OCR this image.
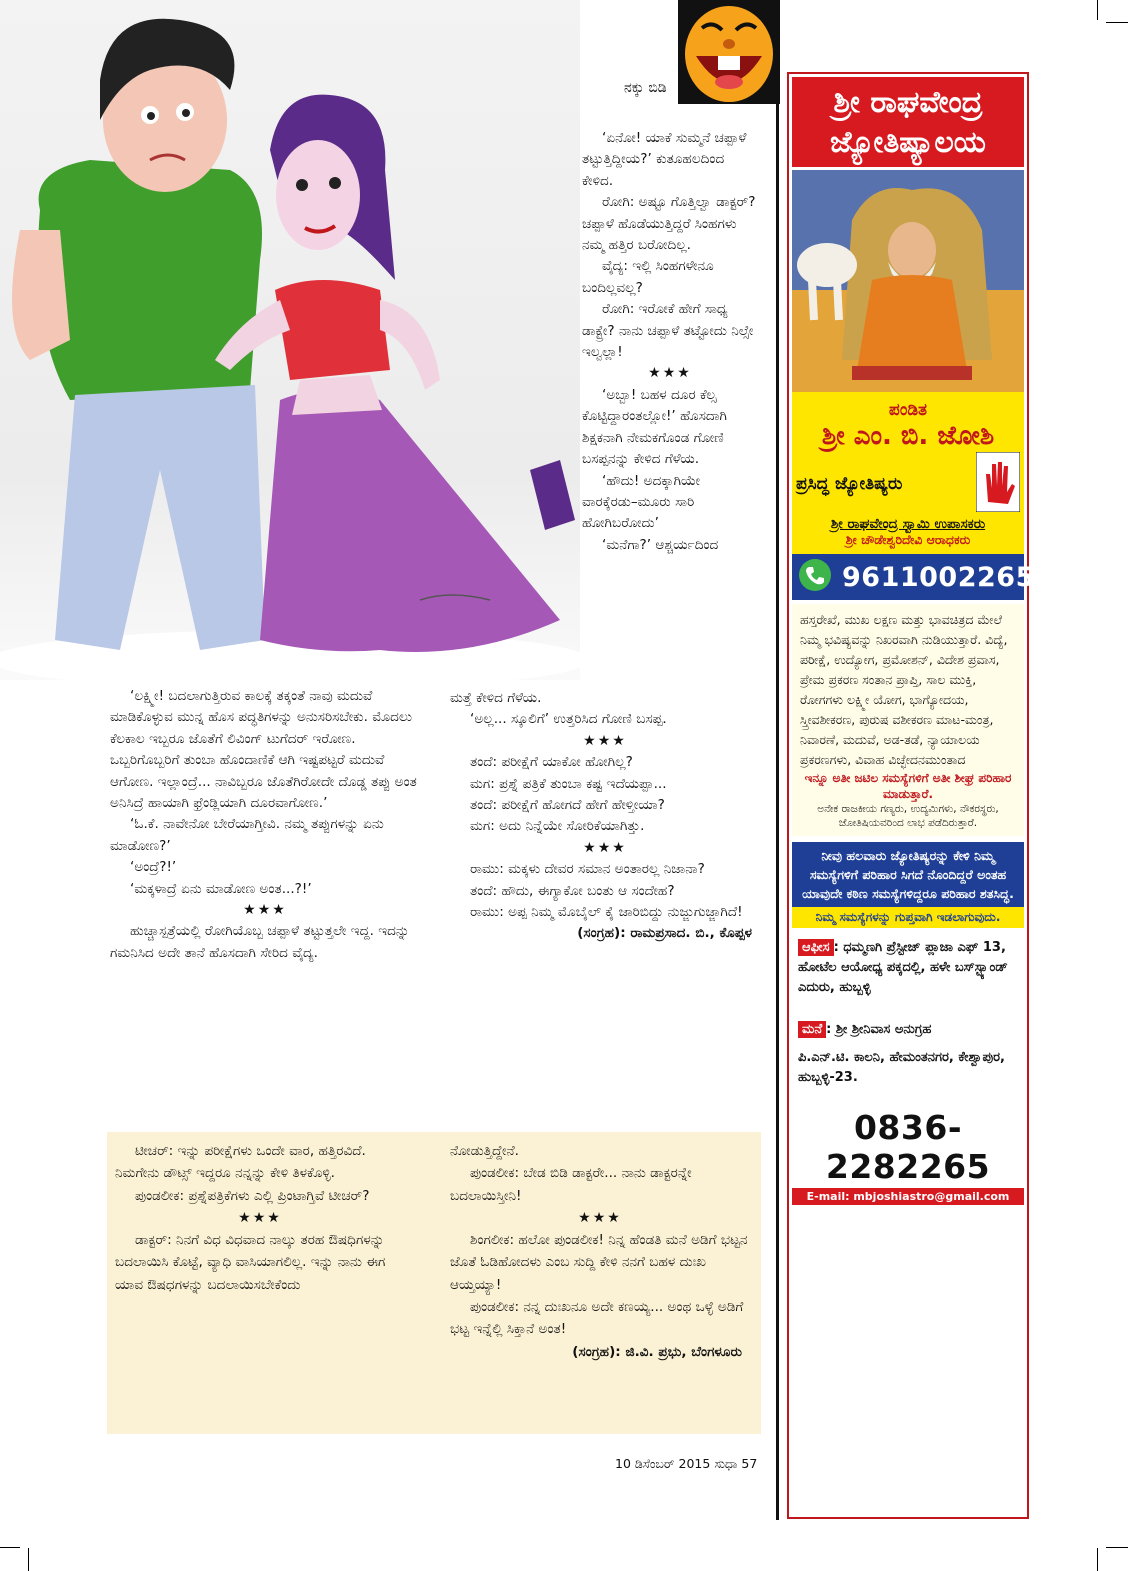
ನಕ್ಕು ಬಿಡಿ

‘ಏನೋ! ಯಾಕೆ ಸುಮ್ಮನೆ ಚಪ್ಪಾಳೆ ತಟ್ಟುತ್ತಿದ್ದೀಯ?’ ಕುತೂಹಲದಿಂದ ಕೇಳಿದ.

ರೋಗಿ: ಅಷ್ಟೂ ಗೊತ್ತಿಲ್ವಾ ಡಾಕ್ಟರ್? ಚಪ್ಪಾಳೆ ಹೊಡೆಯುತ್ತಿದ್ದರೆ ಸಿಂಹಗಳು ನಮ್ಮ ಹತ್ತಿರ ಬರೋದಿಲ್ಲ.

ವೈದ್ಯ: ಇಲ್ಲಿ ಸಿಂಹಗಳೇನೂ ಬಂದಿಲ್ಲವಲ್ಲ?

ರೋಗಿ: ಇರೋಕೆ ಹೇಗೆ ಸಾಧ್ಯ ಡಾಕ್ಟ್ರೇ? ನಾನು ಚಪ್ಪಾಳೆ ತಟ್ಟೋದು ನಿಲ್ಸೇ ಇಲ್ವಲ್ಲಾ!

★★★

‘ಅಬ್ಬಾ! ಬಹಳ ದೂರ ಕೆಲ್ಸ ಕೊಟ್ಟಿದ್ದಾರಂತಲ್ಲೋ!’ ಹೊಸದಾಗಿ ಶಿಕ್ಷಕನಾಗಿ ನೇಮಕಗೊಂಡ ಗೋಣಿ ಬಸಪ್ಪನನ್ನು ಕೇಳಿದ ಗೆಳೆಯ.

‘ಹೌದು! ಅದಕ್ಕಾಗಿಯೇ ವಾರಕ್ಕೆರಡು–ಮೂರು ಸಾರಿ ಹೋಗಿಬರೋದು’

‘ಮನೆಗಾ?’ ಆಶ್ಚರ್ಯದಿಂದ

ಮತ್ತೆ ಕೇಳಿದ ಗೆಳೆಯ.

‘ಅಲ್ಲ... ಸ್ಕೂಲಿಗೆ’ ಉತ್ತರಿಸಿದ ಗೋಣಿ ಬಸಪ್ಪ.

★★★

ತಂದೆ: ಪರೀಕ್ಷೆಗೆ ಯಾಕೋ ಹೋಗಿಲ್ಲ?

ಮಗ: ಪ್ರಶ್ನೆ ಪತ್ರಿಕೆ ತುಂಬಾ ಕಷ್ಟ ಇದೆಯಪ್ಪಾ...

ತಂದೆ: ಪರೀಕ್ಷೆಗೆ ಹೋಗದೆ ಹೇಗೆ ಹೇಳ್ತೀಯಾ?

ಮಗ: ಅದು ನಿನ್ನೆಯೇ ಸೋರಿಕೆಯಾಗಿತ್ತು.

★★★

ರಾಮು: ಮಕ್ಕಳು ದೇವರ ಸಮಾನ ಅಂತಾರಲ್ಲ ನಿಜಾನಾ?

ತಂದೆ: ಹೌದು, ಈಗ್ಯಾಕೋ ಬಂತು ಆ ಸಂದೇಹ?

ರಾಮು: ಅಪ್ಪ ನಿಮ್ಮ ಮೊಬೈಲ್ ಕೈ ಜಾರಿಬಿದ್ದು ನುಜ್ಜುಗುಜ್ಜಾಗಿದೆ!

(ಸಂಗ್ರಹ): ರಾಮಪ್ರಸಾದ. ಬಿ., ಕೊಪ್ಪಳ

‘ಲಕ್ಷ್ಮೀ! ಬದಲಾಗುತ್ತಿರುವ ಕಾಲಕ್ಕೆ ತಕ್ಕಂತೆ ನಾವು ಮದುವೆ ಮಾಡಿಕೊಳ್ಳುವ ಮುನ್ನ ಹೊಸ ಪದ್ಧತಿಗಳನ್ನು ಅನುಸರಿಸಬೇಕು. ಮೊದಲು ಕೆಲಕಾಲ ಇಬ್ಬರೂ ಜೊತೆಗೆ ಲಿವಿಂಗ್ ಟುಗೆದರ್ ಇರೋಣ. ಒಬ್ಬರಿಗೊಬ್ಬರಿಗೆ ತುಂಬಾ ಹೊಂದಾಣಿಕೆ ಆಗಿ ಇಷ್ಟಪಟ್ಟರೆ ಮದುವೆ ಆಗೋಣ. ಇಲ್ಲಾಂದ್ರೆ... ನಾವಿಬ್ಬರೂ ಜೊತೆಗಿರೋದೇ ದೊಡ್ಡ ತಪ್ಪು ಅಂತ ಅನಿಸಿದ್ರೆ ಹಾಯಾಗಿ ಫ್ರೆಂಡ್ಲಿಯಾಗಿ ದೂರವಾಗೋಣ.’

‘ಓ.ಕೆ. ನಾವೇನೋ ಬೇರೆಯಾಗ್ತೀವಿ. ನಮ್ಮ ತಪ್ಪುಗಳನ್ನು ಏನು ಮಾಡೋಣ?’

‘ಅಂದ್ರೆ?!’

‘ಮಕ್ಕಳಾದ್ರೆ ಏನು ಮಾಡೋಣ ಅಂತ...?!’

★★★

ಹುಚ್ಚಾಸ್ಪತ್ರೆಯಲ್ಲಿ ರೋಗಿಯೊಬ್ಬ ಚಪ್ಪಾಳೆ ತಟ್ಟುತ್ತಲೇ ಇದ್ದ. ಇದನ್ನು ಗಮನಿಸಿದ ಅದೇ ತಾನೆ ಹೊಸದಾಗಿ ಸೇರಿದ ವೈದ್ಯ.

ಟೀಚರ್: ಇನ್ನು ಪರೀಕ್ಷೆಗಳು ಒಂದೇ ವಾರ, ಹತ್ತಿರವಿದೆ. ನಿಮಗೇನು ಡೌಟ್ಸ್ ಇದ್ದರೂ ನನ್ನನ್ನು ಕೇಳಿ ತಿಳಕೊಳ್ಳಿ.

ಪುಂಡಲೀಕ: ಪ್ರಶ್ನೆಪತ್ರಿಕೆಗಳು ಎಲ್ಲಿ ಪ್ರಿಂಟಾಗ್ತಿವೆ ಟೀಚರ್?

★★★

ಡಾಕ್ಟರ್: ನಿನಗೆ ವಿಧ ವಿಧವಾದ ನಾಲ್ಕು ತರಹ ಔಷಧಿಗಳನ್ನು ಬದಲಾಯಿಸಿ ಕೊಟ್ಟೆ, ವ್ಯಾಧಿ ವಾಸಿಯಾಗಲಿಲ್ಲ. ಇನ್ನು ನಾನು ಈಗ ಯಾವ ಔಷಧಗಳನ್ನು ಬದಲಾಯಿಸಬೇಕೆಂದು

ನೋಡುತ್ತಿದ್ದೇನೆ.

ಪುಂಡಲೀಕ: ಬೇಡ ಬಿಡಿ ಡಾಕ್ಟರೇ... ನಾನು ಡಾಕ್ಟರನ್ನೇ ಬದಲಾಯಿಸ್ತೀನಿ!

★★★

ಶಿಂಗಲೀಕ: ಹಲೋ ಪುಂಡಲೀಕ! ನಿನ್ನ ಹೆಂಡತಿ ಮನೆ ಅಡಿಗೆ ಭಟ್ಟನ ಜೊತೆ ಓಡಿಹೋದಳು ಎಂಬ ಸುದ್ದಿ ಕೇಳಿ ನನಗೆ ಬಹಳ ದುಃಖ ಆಯ್ತಯ್ಯಾ!

ಪುಂಡಲೀಕ: ನನ್ನ ದುಃಖನೂ ಅದೇ ಕಣಯ್ಯ... ಅಂಥ ಒಳ್ಳೆ ಅಡಿಗೆ ಭಟ್ಟ ಇನ್ನೆಲ್ಲಿ ಸಿಕ್ತಾನೆ ಅಂತ!

(ಸಂಗ್ರಹ): ಜಿ.ವಿ. ಪ್ರಭು, ಬೆಂಗಳೂರು

10 ಡಿಸೆಂಬರ್ 2015 ಸುಧಾ 57
ಶ್ರೀ ರಾಘವೇಂದ್ರ
ಜ್ಯೋತಿಷ್ಯಾಲಯ
ಪಂಡಿತ
ಶ್ರೀ ಎಂ. ಬಿ. ಜೋಶಿ
ಪ್ರಸಿದ್ಧ ಜ್ಯೋತಿಷ್ಯರು
ಶ್ರೀ ರಾಘವೇಂದ್ರ ಸ್ವಾಮಿ ಉಪಾಸಕರು
ಶ್ರೀ ಚೌಡೇಶ್ವರಿದೇವಿ ಆರಾಧಕರು
9611002265
ಹಸ್ತರೇಖೆ, ಮುಖ ಲಕ್ಷಣ ಮತ್ತು ಭಾವಚಿತ್ರದ ಮೇಲೆ ನಿಮ್ಮ ಭವಿಷ್ಯವನ್ನು ನಿಖರವಾಗಿ ನುಡಿಯುತ್ತಾರೆ. ವಿದ್ಯೆ, ಪರೀಕ್ಷೆ, ಉದ್ಯೋಗ, ಪ್ರಮೋಶನ್, ವಿದೇಶ ಪ್ರವಾಸ, ಪ್ರೇಮ ಪ್ರಕರಣ ಸಂತಾನ ಪ್ರಾಪ್ತಿ, ಸಾಲ ಮುಕ್ತಿ, ರೋಗಗಳು ಲಕ್ಷ್ಮೀ ಯೋಗ, ಭಾಗ್ಯೋದಯ, ಸ್ತ್ರೀವಶೀಕರಣ, ಪುರುಷ ವಶೀಕರಣ ಮಾಟ-ಮಂತ್ರ, ನಿವಾರಣೆ, ಮದುವೆ, ಅಡ-ತಡೆ, ನ್ಯಾಯಾಲಯ ಪ್ರಕರಣಗಳು, ವಿವಾಹ ವಿಚ್ಛೇದನಮುಂತಾದ
ಇನ್ನೂ ಅತೀ ಜಟಿಲ ಸಮಸ್ಯೆಗಳಿಗೆ ಅತೀ ಶೀಘ್ರ ಪರಿಹಾರ ಮಾಡುತ್ತಾರೆ.
ಅನೇಕ ರಾಜಕೀಯ ಗಣ್ಯರು, ಉದ್ಯಮಿಗಳು, ನೌಕರಸ್ಥರು, ಜೋತಿಷಿಯವರಿಂದ ಲಾಭ ಪಡೆದಿರುತ್ತಾರೆ.
ನೀವು ಹಲವಾರು ಜ್ಯೋತಿಷ್ಯರನ್ನು ಕೇಳಿ ನಿಮ್ಮ ಸಮಸ್ಯೆಗಳಿಗೆ ಪರಿಹಾರ ಸಿಗದೆ ನೊಂದಿದ್ದರೆ ಅಂತಹ ಯಾವುದೇ ಕಠಿಣ ಸಮಸ್ಯೆಗಳಿದ್ದರೂ ಪರಿಹಾರ ಶತಸಿದ್ಧ.
ನಿಮ್ಮ ಸಮಸ್ಯೆಗಳನ್ನು ಗುಪ್ತವಾಗಿ ಇಡಲಾಗುವುದು.
ಆಫೀಸ : ಧಮ್ಮಣಗಿ ಪ್ರೆಸ್ಟೀಜ್ ಪ್ಲಾಜಾ ಎಫ್ 13, ಹೋಟೆಲ ಆಯೋಧ್ಯ ಪಕ್ಕದಲ್ಲಿ, ಹಳೇ ಬಸ್‌ಸ್ಟ್ಯಾಂಡ್ ಎದುರು, ಹುಬ್ಬಳ್ಳಿ
ಮನೆ : ಶ್ರೀ ಶ್ರೀನಿವಾಸ ಅನುಗ್ರಹ
ಪಿ.ಎನ್.ಟಿ. ಕಾಲನಿ, ಹೇಮಂತನಗರ, ಕೇಶ್ವಾಪುರ, ಹುಬ್ಬಳ್ಳಿ-23.
0836-2282265
E-mail: mbjoshiastro@gmail.com
